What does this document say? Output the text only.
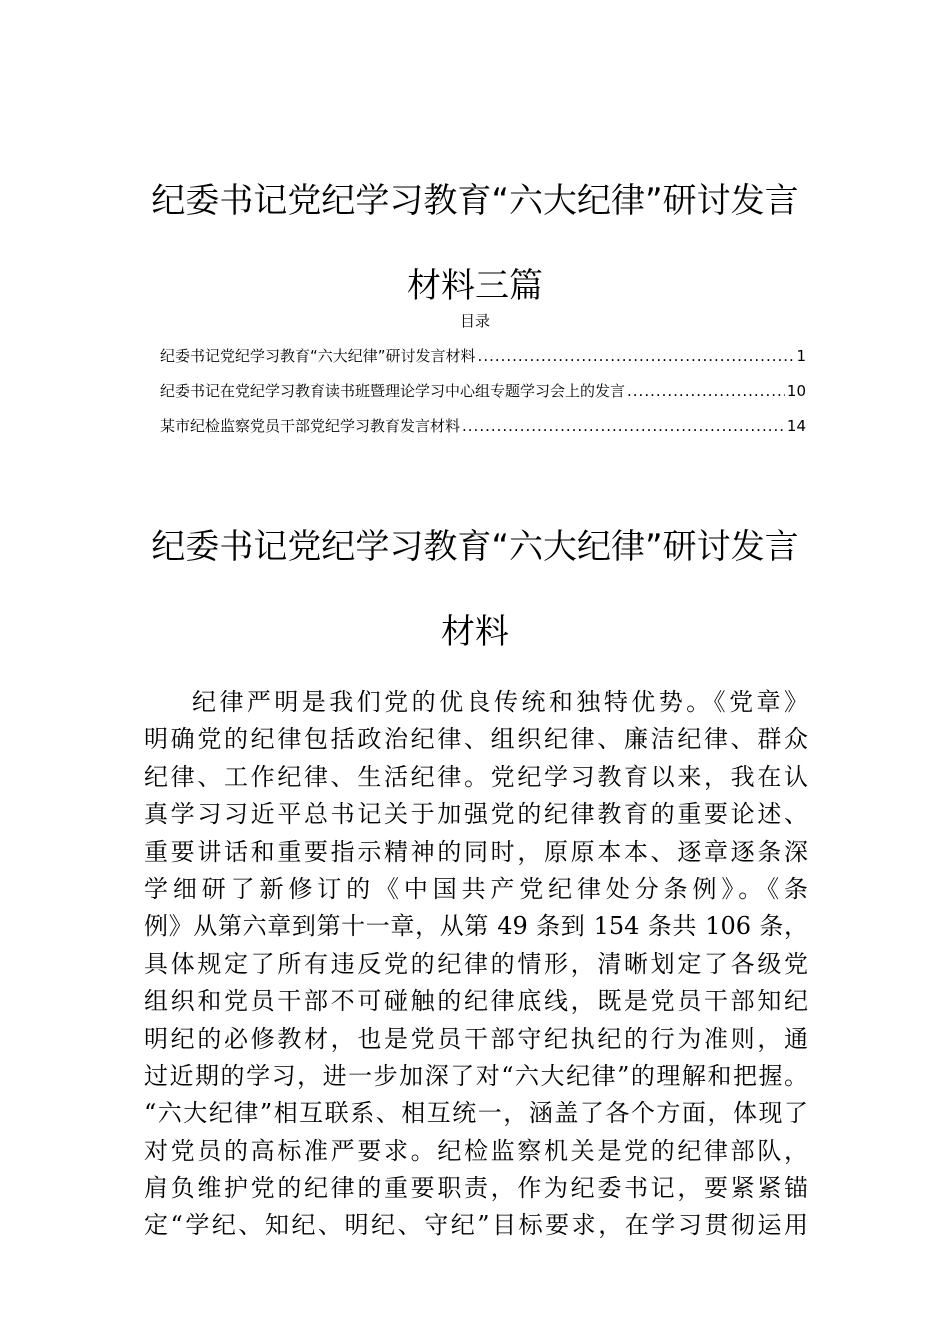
纪委书记党纪学习教育“六大纪律”研讨发言
材料三篇
目录
纪委书记党纪学习教育“六大纪律”研讨发言材料 .....	1
纪委书记在党纪学习教育读书班暨理论学习中心组专题学习会上的发言 .....	10
某市纪检监察党员干部党纪学习教育发言材料 .....	14
纪委书记党纪学习教育“六大纪律”研讨发言
材料
纪律严明是我们党的优良传统和独特优势。《党章》
明确党的纪律包括政治纪律、组织纪律、廉洁纪律、群众
纪律、工作纪律、生活纪律。党纪学习教育以来，我在认
真学习习近平总书记关于加强党的纪律教育的重要论述、
重要讲话和重要指示精神的同时，原原本本、逐章逐条深
学细研了新修订的《中国共产党纪律处分条例》。《条
例》从第六章到第十一章，从第 49 条到 154 条共 106 条，
具体规定了所有违反党的纪律的情形，清晰划定了各级党
组织和党员干部不可碰触的纪律底线，既是党员干部知纪
明纪的必修教材，也是党员干部守纪执纪的行为准则，通
过近期的学习，进一步加深了对“六大纪律”的理解和把握。
“六大纪律”相互联系、相互统一，涵盖了各个方面，体现了
对党员的高标准严要求。纪检监察机关是党的纪律部队，
肩负维护党的纪律的重要职责，作为纪委书记，要紧紧锚
定“学纪、知纪、明纪、守纪”目标要求，在学习贯彻运用
